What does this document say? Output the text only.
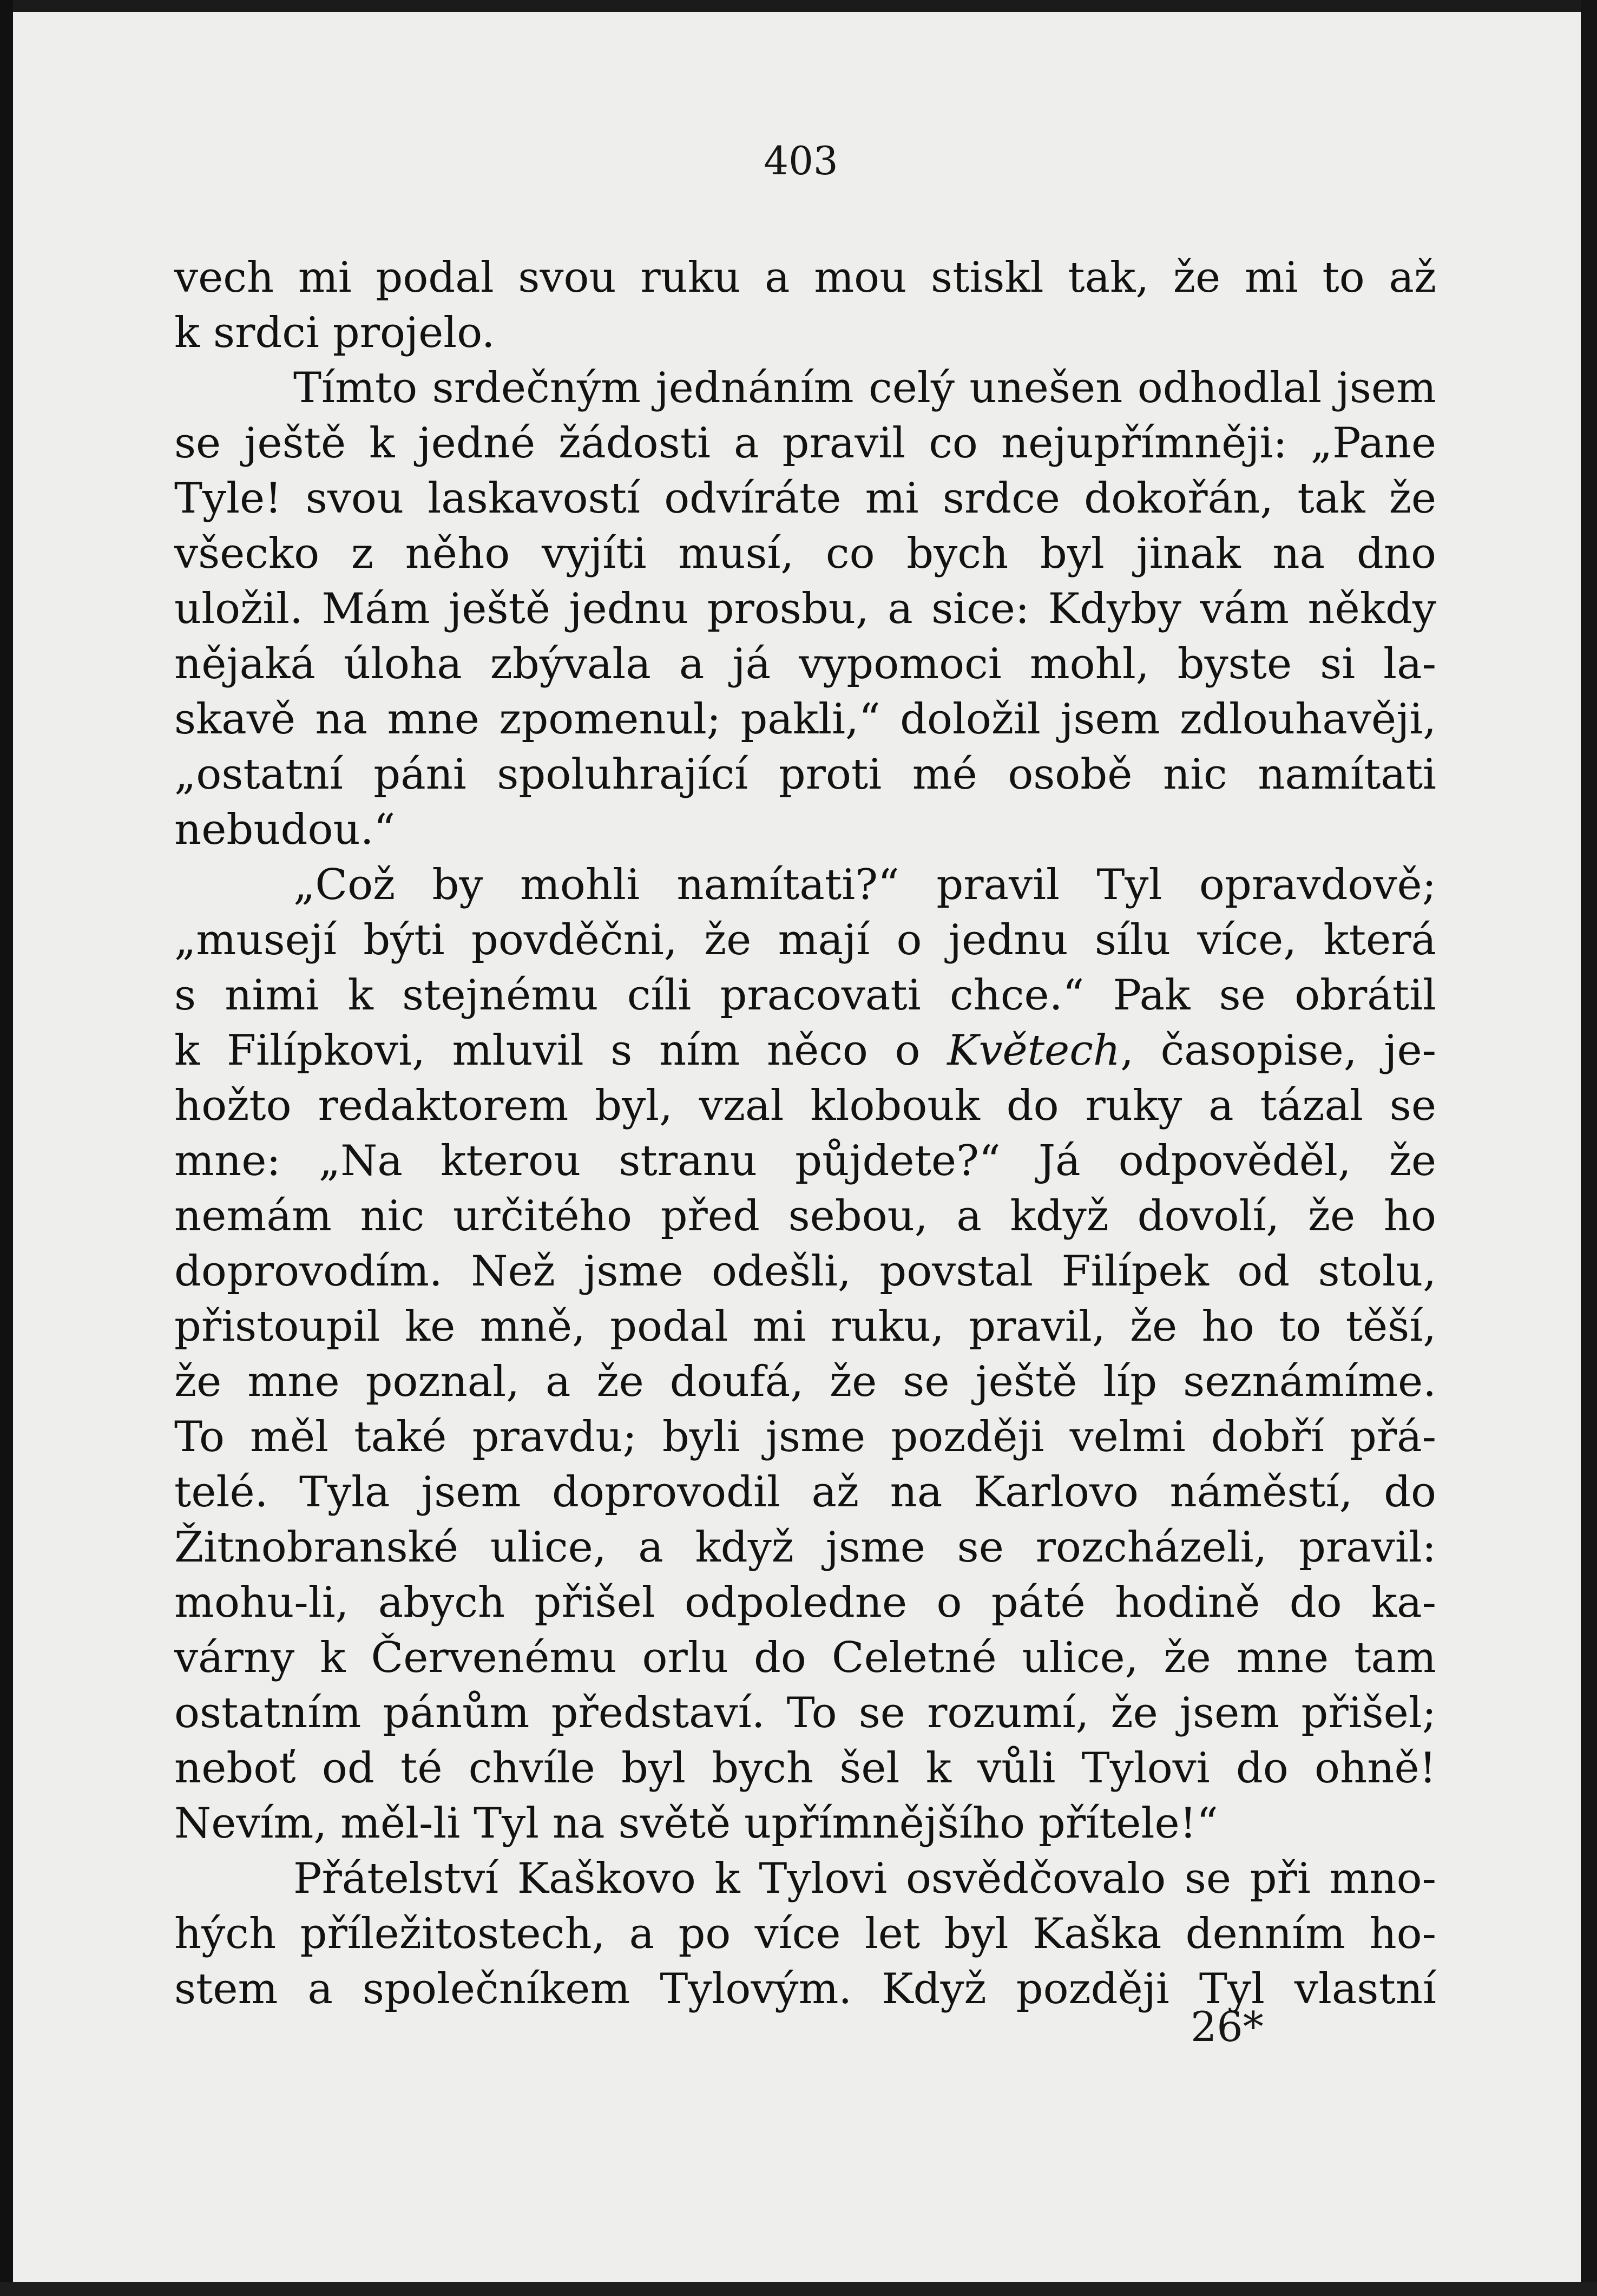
403
vech mi podal svou ruku a mou stiskl tak, že mi to až
k srdci projelo.
Tímto srdečným jednáním celý unešen odhodlal jsem
se ještě k jedné žádosti a pravil co nejupřímněji: „Pane
Tyle! svou laskavostí odvíráte mi srdce dokořán, tak že
všecko z něho vyjíti musí, co bych byl jinak na dno
uložil. Mám ještě jednu prosbu, a sice: Kdyby vám někdy
nějaká úloha zbývala a já vypomoci mohl, byste si la-
skavě na mne zpomenul; pakli,“ doložil jsem zdlouhavěji,
„ostatní páni spoluhrající proti mé osobě nic namítati
nebudou.“
„Což by mohli namítati?“ pravil Tyl opravdově;
„musejí býti povděčni, že mají o jednu sílu více, která
s nimi k stejnému cíli pracovati chce.“ Pak se obrátil
k Filípkovi, mluvil s ním něco o Květech, časopise, je-
hožto redaktorem byl, vzal klobouk do ruky a tázal se
mne: „Na kterou stranu půjdete?“ Já odpověděl, že
nemám nic určitého před sebou, a když dovolí, že ho
doprovodím. Než jsme odešli, povstal Filípek od stolu,
přistoupil ke mně, podal mi ruku, pravil, že ho to těší,
že mne poznal, a že doufá, že se ještě líp seznámíme.
To měl také pravdu; byli jsme později velmi dobří přá-
telé. Tyla jsem doprovodil až na Karlovo náměstí, do
Žitnobranské ulice, a když jsme se rozcházeli, pravil:
mohu-li, abych přišel odpoledne o páté hodině do ka-
várny k Červenému orlu do Celetné ulice, že mne tam
ostatním pánům představí. To se rozumí, že jsem přišel;
neboť od té chvíle byl bych šel k vůli Tylovi do ohně!
Nevím, měl-li Tyl na světě upřímnějšího přítele!“
Přátelství Kaškovo k Tylovi osvědčovalo se při mno-
hých příležitostech, a po více let byl Kaška denním ho-
stem a společníkem Tylovým. Když později Tyl vlastní
26*
